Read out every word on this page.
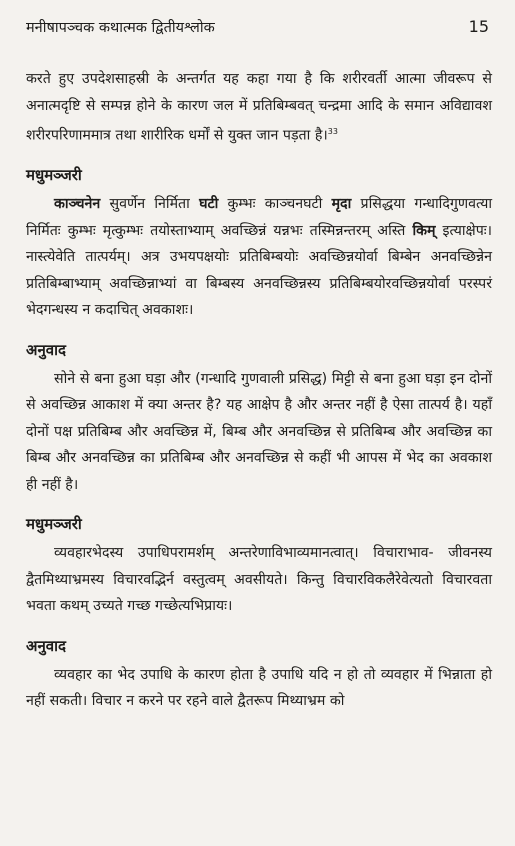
मनीषापञ्चक कथात्मक द्वितीयश्लोक	15

करते हुए उपदेशसाहस्री के अन्तर्गत यह कहा गया है कि शरीरवर्ती आत्मा जीवरूप से अनात्मदृष्टि से सम्पन्न होने के कारण जल में प्रतिबिम्बवत् चन्द्रमा आदि के समान अविद्यावश शरीरपरिणाममात्र तथा शारीरिक धर्मों से युक्त जान पड़ता है।$^{33}$

मधुमञ्जरी

काञ्चनेन सुवर्णेन निर्मिता घटी कुम्भः काञ्चनघटी मृदा प्रसिद्धया गन्धादिगुणवत्या निर्मितः कुम्भः मृत्कुम्भः तयोस्ताभ्याम् अवच्छिन्नं यन्नभः तस्मिन्नन्तरम् अस्ति किम् इत्याक्षेपः। नास्त्येवेति तात्पर्यम्। अत्र उभयपक्षयोः प्रतिबिम्बयोः अवच्छिन्नयोर्वा बिम्बेन अनवच्छिन्नेन प्रतिबिम्बाभ्याम् अवच्छिन्नाभ्यां वा बिम्बस्य अनवच्छिन्नस्य प्रतिबिम्बयोरवच्छिन्नयोर्वा परस्परं भेदगन्धस्य न कदाचित् अवकाशः।

अनुवाद

सोने से बना हुआ घड़ा और (गन्धादि गुणवाली प्रसिद्ध) मिट्टी से बना हुआ घड़ा इन दोनों से अवच्छिन्न आकाश में क्या अन्तर है? यह आक्षेप है और अन्तर नहीं है ऐसा तात्पर्य है। यहाँ दोनों पक्ष प्रतिबिम्ब और अवच्छिन्न में, बिम्ब और अनवच्छिन्न से प्रतिबिम्ब और अवच्छिन्न का बिम्ब और अनवच्छिन्न का प्रतिबिम्ब और अनवच्छिन्न से कहीं भी आपस में भेद का अवकाश ही नहीं है।

मधुमञ्जरी

व्यवहारभेदस्य उपाधिपरामर्शम् अन्तरेणाविभाव्यमानत्वात्। विचाराभाव- जीवनस्य द्वैतमिथ्याभ्रमस्य विचारवद्भिर्न वस्तुत्वम् अवसीयते। किन्तु विचारविकलैरेवेत्यतो विचारवता भवता कथम् उच्यते गच्छ गच्छेत्यभिप्रायः।

अनुवाद

व्यवहार का भेद उपाधि के कारण होता है उपाधि यदि न हो तो व्यवहार में भिन्नाता हो नहीं सकती। विचार न करने पर रहने वाले द्वैतरूप मिथ्याभ्रम को
